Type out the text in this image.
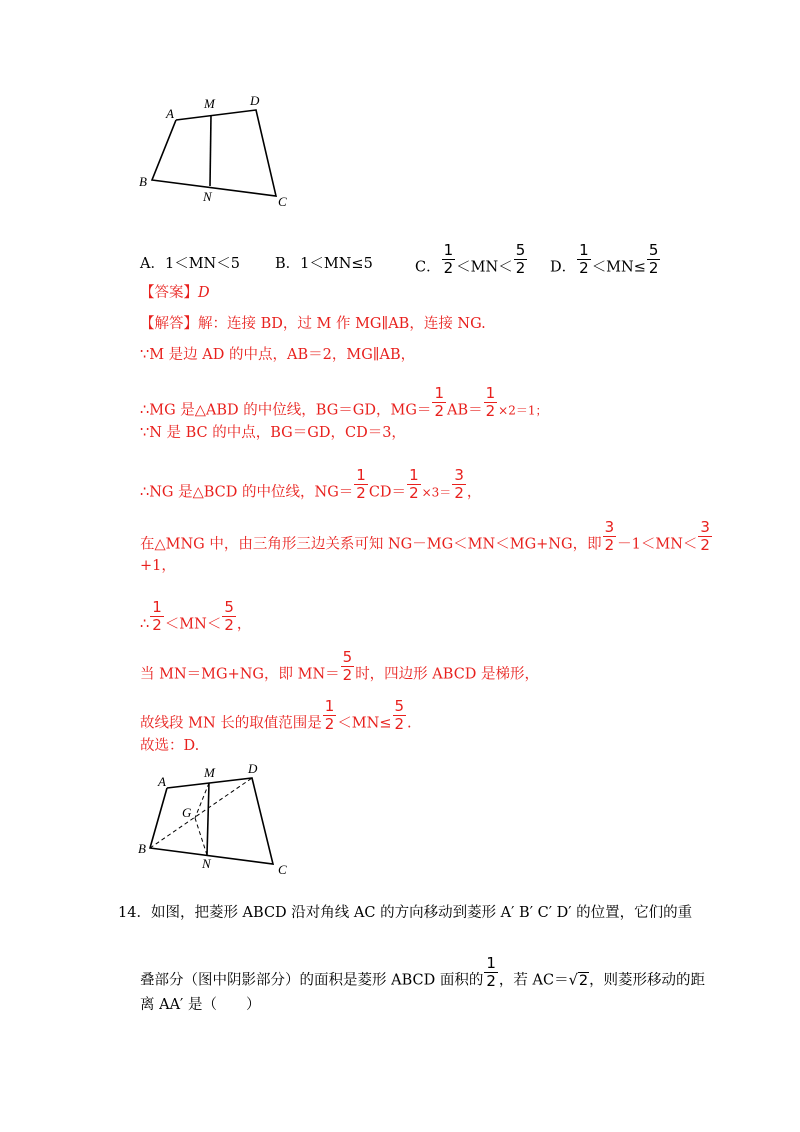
A
M	D
B
N	C
A．1＜MN＜5 B．1＜MN≤5	C． $\frac{1}{2} <MN< \frac{5}{2}$ D． $\frac{1}{2} <MN\le \frac{5}{2}$
【答案】D
【解答】解：连接 BD，过 M 作 MG∥AB，连接 NG.
∵M 是边 AD 的中点，AB＝2，MG∥AB，
∴MG 是△ABD 的中位线，BG＝GD，$MG= \frac{1}{2} AB= \frac{1}{2} \times 2=1$；
∵N 是 BC 的中点，BG＝GD，CD＝3，
∴NG 是△BCD 的中位线，$NG= \frac{1}{2} CD= \frac{1}{2} \times 3= \frac{3}{2}$ ，
在△MNG 中，由三角形三边关系可知 NG－MG＜MN＜MG+NG，即 $\frac{3}{2} -1<MN< \frac{3}{2}$
+1，
∴ $\frac{1}{2} <MN< \frac{5}{2}$ ，
当 MN＝MG+NG，即 $MN= \frac{5}{2}$ 时，四边形 ABCD 是梯形，
故线段 MN 长的取值范围是 $\frac{1}{2} <MN\le \frac{5}{2}$ .
故选：D.
A
M	D
G
B
N	C
14．如图，把菱形 ABCD 沿对角线 AC 的方向移动到菱形 A′ B′ C′ D′ 的位置，它们的重
叠部分（图中阴影部分）的面积是菱形 ABCD 面积的 $\frac{1}{2}$ ，若 AC＝√2，则菱形移动的距
离 AA′ 是（　　）
